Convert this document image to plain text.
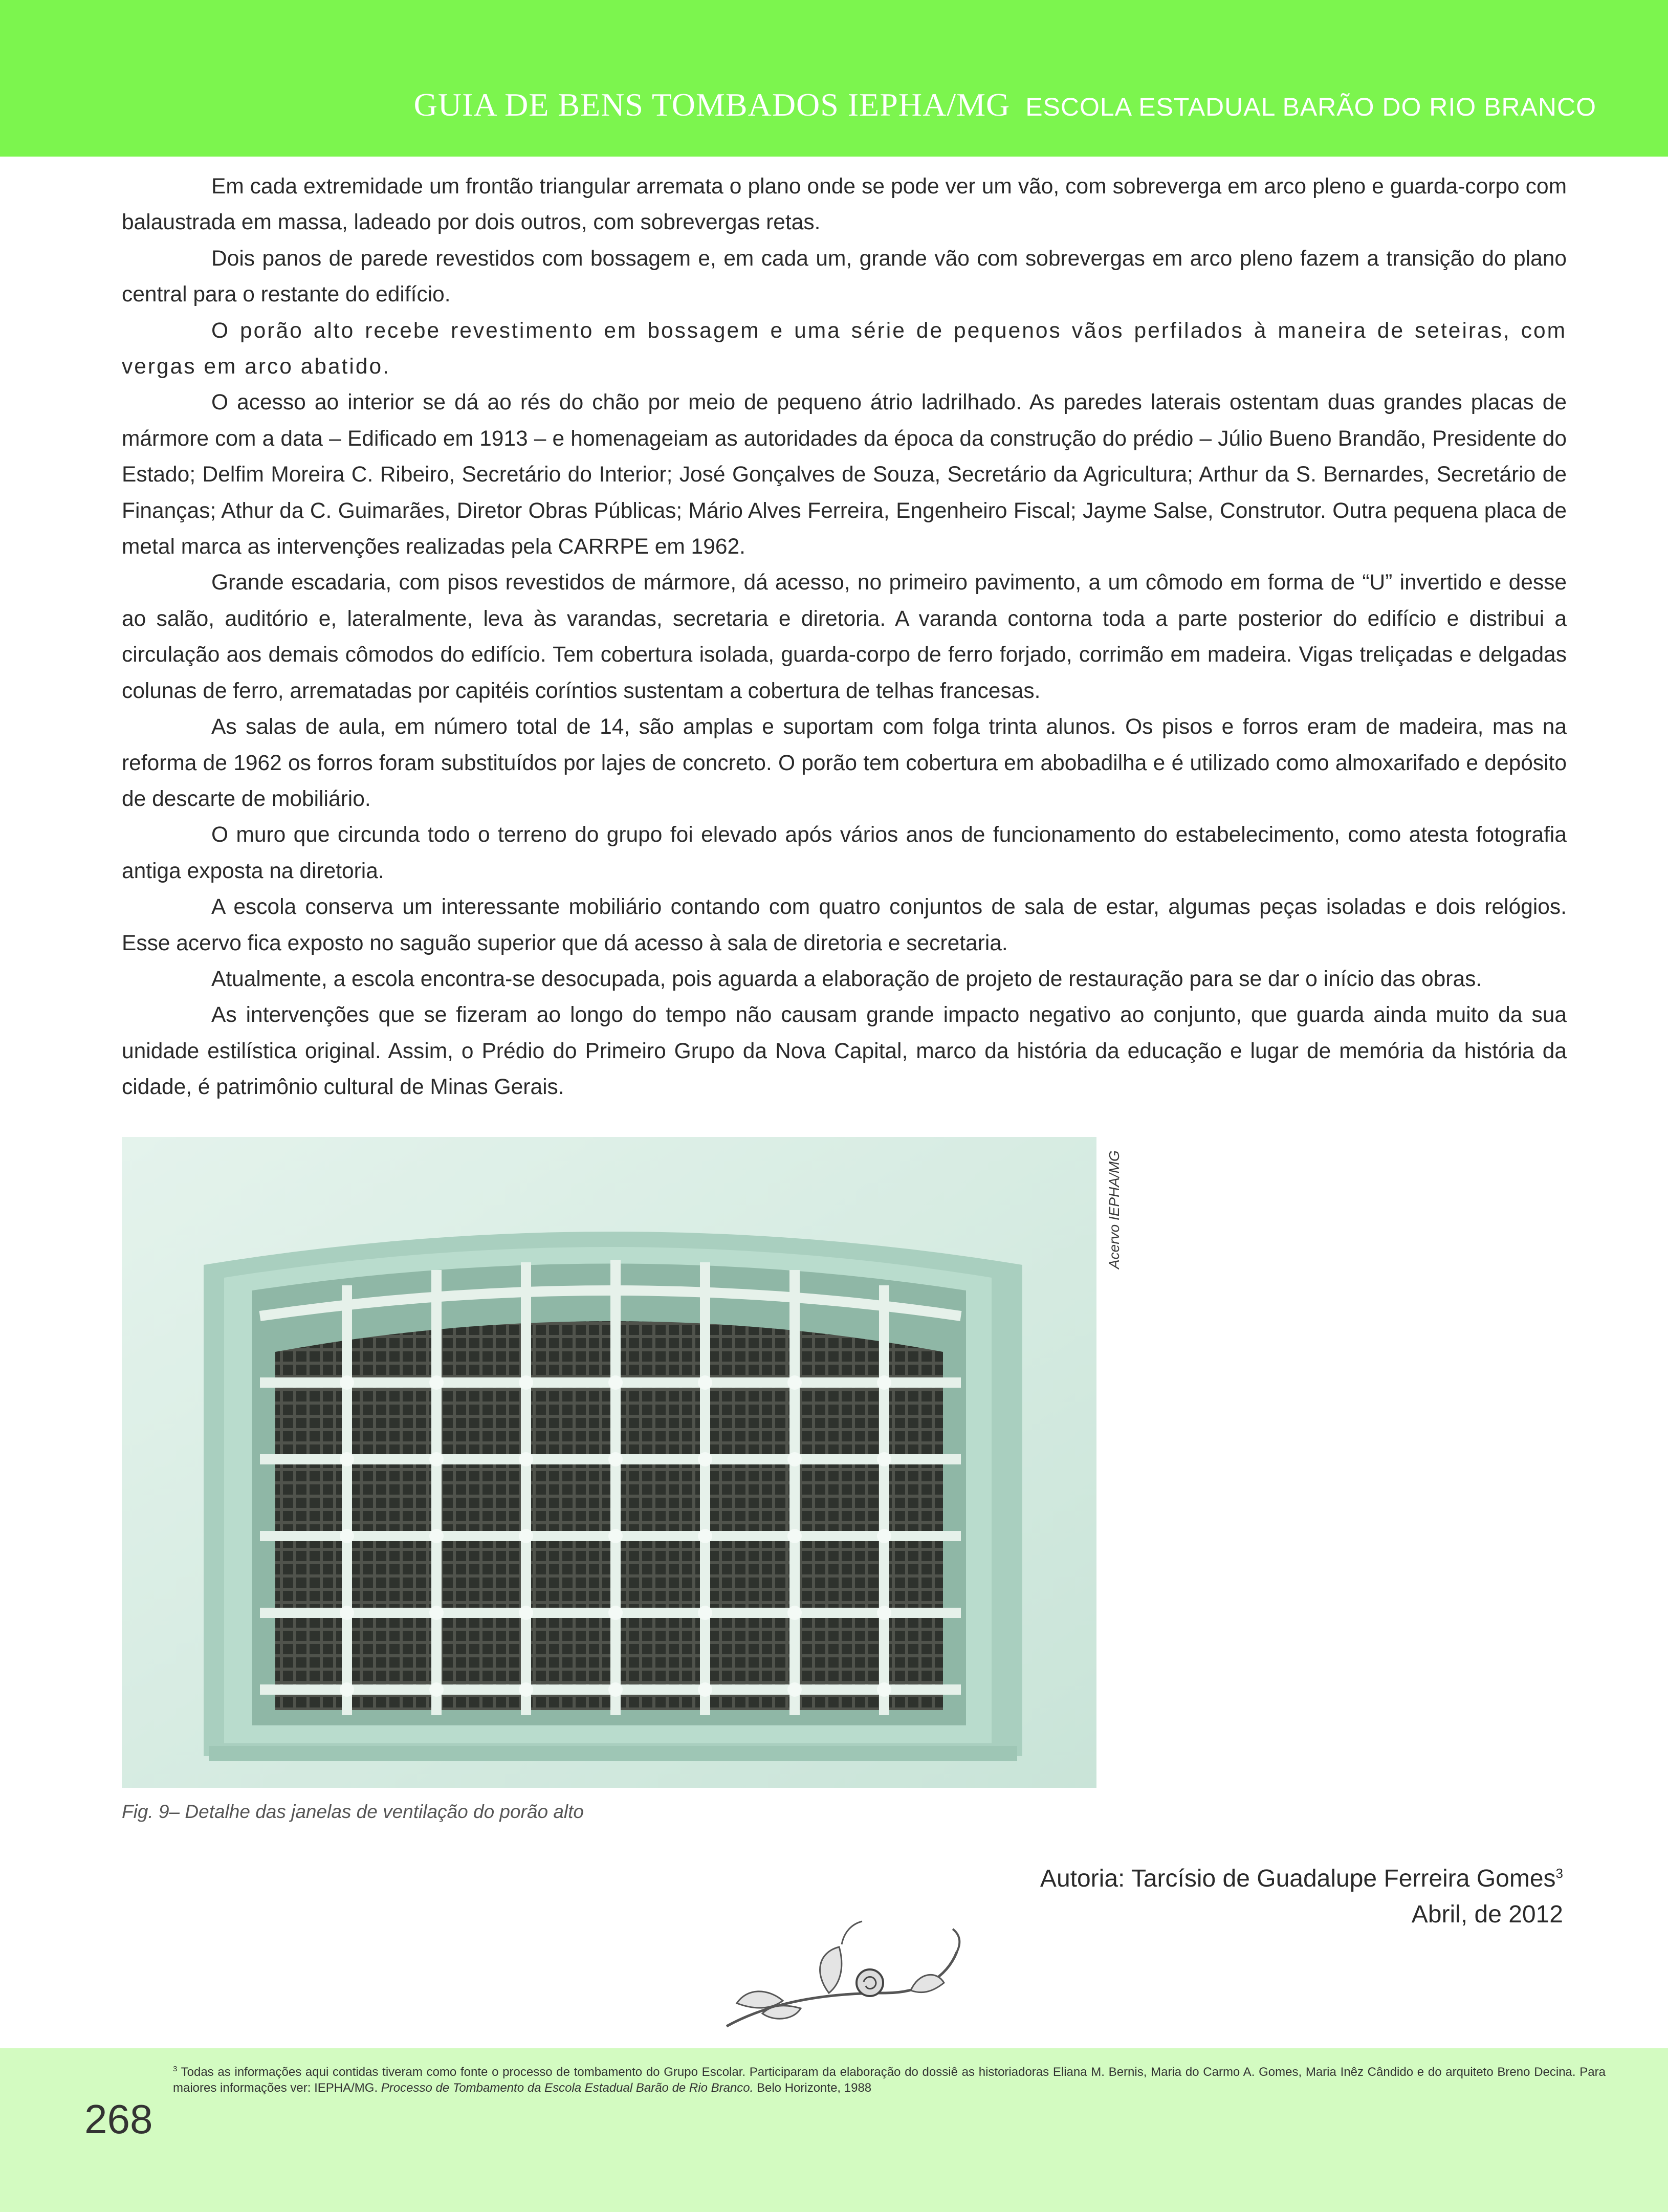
GUIA DE BENS TOMBADOS IEPHA/MG ESCOLA ESTADUAL BARÃO DO RIO BRANCO

Em cada extremidade um frontão triangular arremata o plano onde se pode ver um vão, com sobreverga em arco pleno e guarda-corpo com balaustrada em massa, ladeado por dois outros, com sobrevergas retas.

Dois panos de parede revestidos com bossagem e, em cada um, grande vão com sobrevergas em arco pleno fazem a transição do plano central para o restante do edifício.

O porão alto recebe revestimento em bossagem e uma série de pequenos vãos perfilados à maneira de seteiras, com vergas em arco abatido.

O acesso ao interior se dá ao rés do chão por meio de pequeno átrio ladrilhado. As paredes laterais ostentam duas grandes placas de mármore com a data – Edificado em 1913 – e homenageiam as autoridades da época da construção do prédio – Júlio Bueno Brandão, Presidente do Estado; Delfim Moreira C. Ribeiro, Secretário do Interior; José Gonçalves de Souza, Secretário da Agricultura; Arthur da S. Bernardes, Secretário de Finanças; Athur da C. Guimarães, Diretor Obras Públicas; Mário Alves Ferreira, Engenheiro Fiscal; Jayme Salse, Construtor. Outra pequena placa de metal marca as intervenções realizadas pela CARRPE em 1962.

Grande escadaria, com pisos revestidos de mármore, dá acesso, no primeiro pavimento, a um cômodo em forma de “U” invertido e desse ao salão, auditório e, lateralmente, leva às varandas, secretaria e diretoria. A varanda contorna toda a parte posterior do edifício e distribui a circulação aos demais cômodos do edifício. Tem cobertura isolada, guarda-corpo de ferro forjado, corrimão em madeira. Vigas treliçadas e delgadas colunas de ferro, arrematadas por capitéis coríntios sustentam a cobertura de telhas francesas.

As salas de aula, em número total de 14, são amplas e suportam com folga trinta alunos. Os pisos e forros eram de madeira, mas na reforma de 1962 os forros foram substituídos por lajes de concreto. O porão tem cobertura em abobadilha e é utilizado como almoxarifado e depósito de descarte de mobiliário.

O muro que circunda todo o terreno do grupo foi elevado após vários anos de funcionamento do estabelecimento, como atesta fotografia antiga exposta na diretoria.

A escola conserva um interessante mobiliário contando com quatro conjuntos de sala de estar, algumas peças isoladas e dois relógios. Esse acervo fica exposto no saguão superior que dá acesso à sala de diretoria e secretaria.

Atualmente, a escola encontra-se desocupada, pois aguarda a elaboração de projeto de restauração para se dar o início das obras.

As intervenções que se fizeram ao longo do tempo não causam grande impacto negativo ao conjunto, que guarda ainda muito da sua unidade estilística original. Assim, o Prédio do Primeiro Grupo da Nova Capital, marco da história da educação e lugar de memória da história da cidade, é patrimônio cultural de Minas Gerais.

Acervo IEPHA/MG
Fig. 9– Detalhe das janelas de ventilação do porão alto
Autoria: Tarcísio de Guadalupe Ferreira Gomes$^3$
Abril, de 2012
$^3$ Todas as informações aqui contidas tiveram como fonte o processo de tombamento do Grupo Escolar. Participaram da elaboração do dossiê as historiadoras Eliana M. Bernis, Maria do Carmo A. Gomes, Maria Inêz Cândido e do arquiteto Breno Decina. Para maiores informações ver: IEPHA/MG. Processo de Tombamento da Escola Estadual Barão de Rio Branco. Belo Horizonte, 1988
268
